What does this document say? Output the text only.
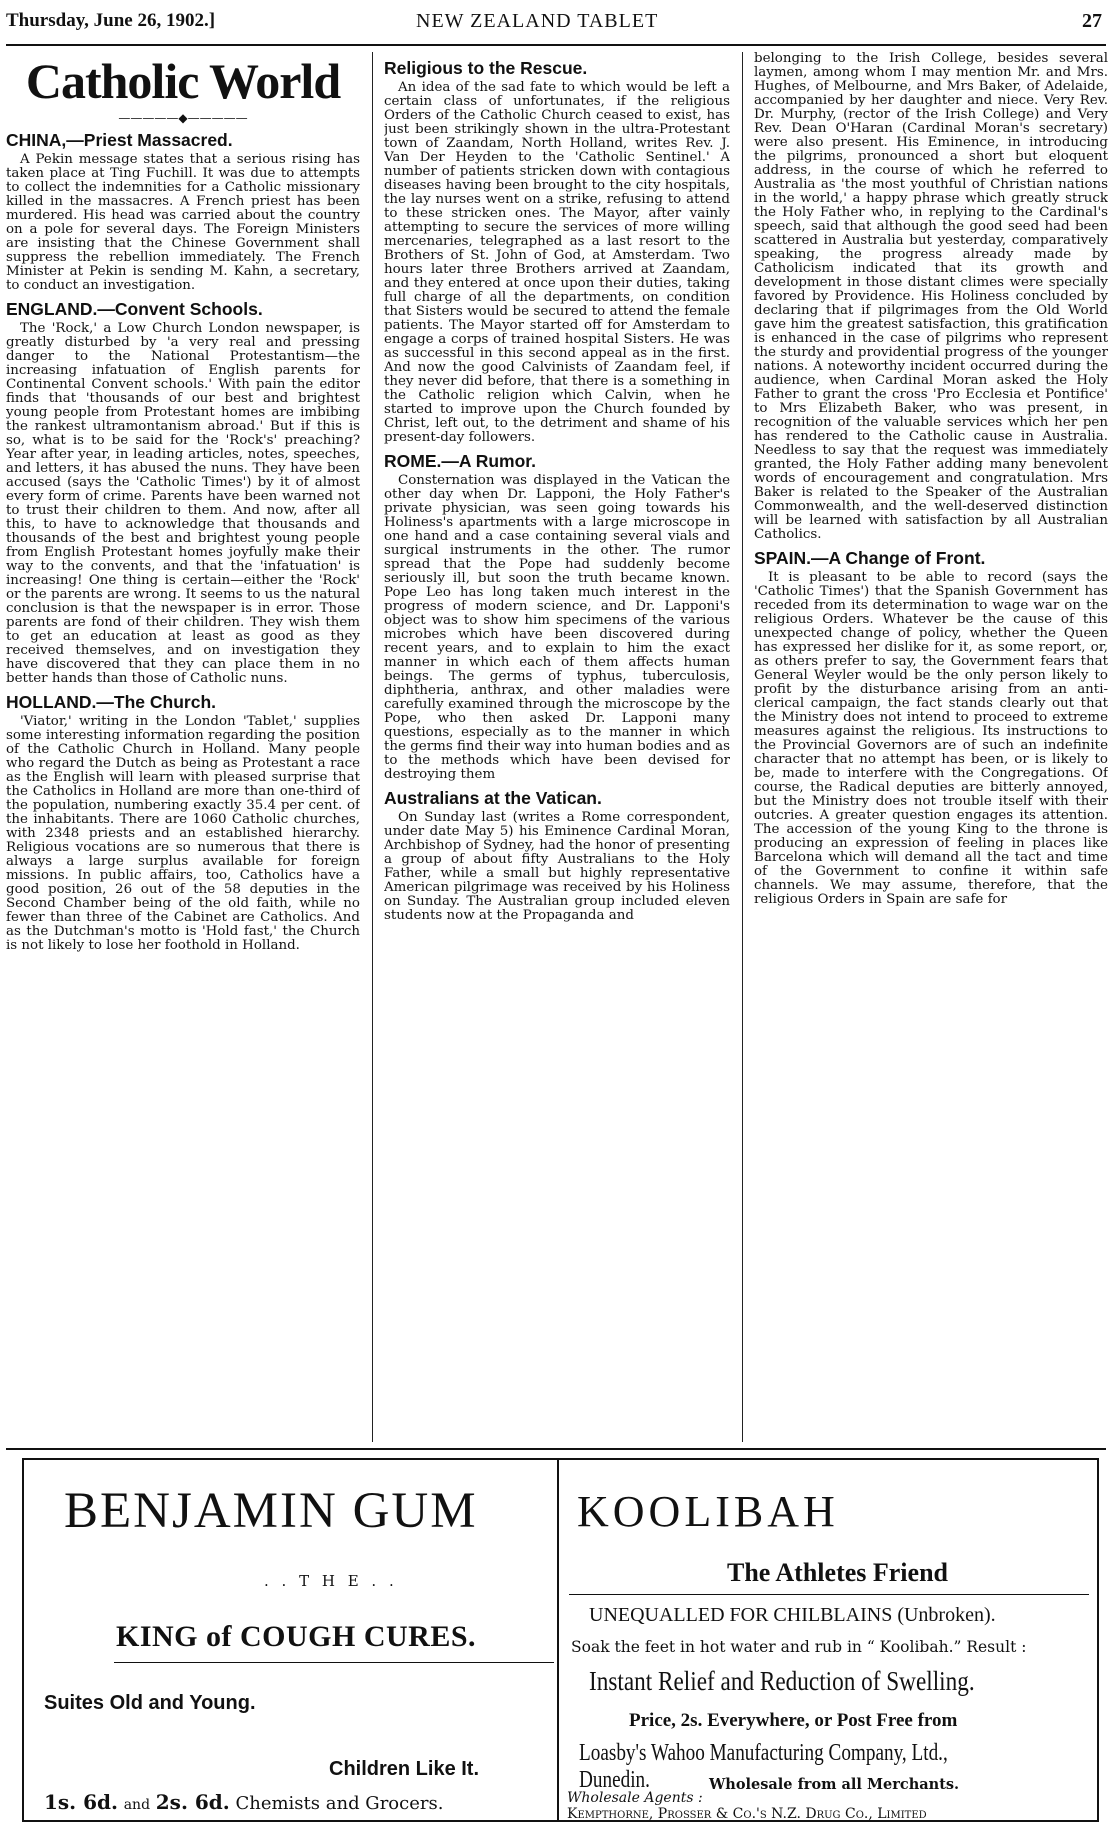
Thursday, June 26, 1902.]	NEW ZEALAND TABLET	27
Catholic World
—————◆—————
CHINA,—Priest Massacred.

A Pekin message states that a serious rising has taken place at Ting Fuchill. It was due to attempts to collect the indemnities for a Catholic missionary killed in the massacres. A French priest has been murdered. His head was carried about the country on a pole for several days. The Foreign Ministers are insisting that the Chinese Government shall suppress the rebellion immediately. The French Minister at Pekin is sending M. Kahn, a secretary, to conduct an investigation.

ENGLAND.—Convent Schools.

The 'Rock,' a Low Church London newspaper, is greatly disturbed by 'a very real and pressing danger to the National Protestantism—the increasing infatuation of English parents for Continental Convent schools.' With pain the editor finds that 'thousands of our best and brightest young people from Protestant homes are imbibing the rankest ultramontanism abroad.' But if this is so, what is to be said for the 'Rock's' preaching? Year after year, in leading articles, notes, speeches, and letters, it has abused the nuns. They have been accused (says the 'Catholic Times') by it of almost every form of crime. Parents have been warned not to trust their children to them. And now, after all this, to have to acknowledge that thousands and thousands of the best and brightest young people from English Protestant homes joyfully make their way to the convents, and that the 'infatuation' is increasing! One thing is certain—either the 'Rock' or the parents are wrong. It seems to us the natural conclusion is that the newspaper is in error. Those parents are fond of their children. They wish them to get an education at least as good as they received themselves, and on investigation they have discovered that they can place them in no better hands than those of Catholic nuns.

HOLLAND.—The Church.

'Viator,' writing in the London 'Tablet,' supplies some interesting information regarding the position of the Catholic Church in Holland. Many people who regard the Dutch as being as Protestant a race as the English will learn with pleased surprise that the Catholics in Holland are more than one-third of the population, numbering exactly 35.4 per cent. of the inhabitants. There are 1060 Catholic churches, with 2348 priests and an established hierarchy. Religious vocations are so numerous that there is always a large surplus available for foreign missions. In public affairs, too, Catholics have a good position, 26 out of the 58 deputies in the Second Chamber being of the old faith, while no fewer than three of the Cabinet are Catholics. And as the Dutchman's motto is 'Hold fast,' the Church is not likely to lose her foothold in Holland.

Religious to the Rescue.

An idea of the sad fate to which would be left a certain class of unfortunates, if the religious Orders of the Catholic Church ceased to exist, has just been strikingly shown in the ultra-Protestant town of Zaandam, North Holland, writes Rev. J. Van Der Heyden to the 'Catholic Sentinel.' A number of patients stricken down with contagious diseases having been brought to the city hospitals, the lay nurses went on a strike, refusing to attend to these stricken ones. The Mayor, after vainly attempting to secure the services of more willing mercenaries, telegraphed as a last resort to the Brothers of St. John of God, at Amsterdam. Two hours later three Brothers arrived at Zaandam, and they entered at once upon their duties, taking full charge of all the departments, on condition that Sisters would be secured to attend the female patients. The Mayor started off for Amsterdam to engage a corps of trained hospital Sisters. He was as successful in this second appeal as in the first. And now the good Calvinists of Zaandam feel, if they never did before, that there is a something in the Catholic religion which Calvin, when he started to improve upon the Church founded by Christ, left out, to the detriment and shame of his present-day followers.

ROME.—A Rumor.

Consternation was displayed in the Vatican the other day when Dr. Lapponi, the Holy Father's private physician, was seen going towards his Holiness's apartments with a large microscope in one hand and a case containing several vials and surgical instruments in the other. The rumor spread that the Pope had suddenly become seriously ill, but soon the truth became known. Pope Leo has long taken much interest in the progress of modern science, and Dr. Lapponi's object was to show him specimens of the various microbes which have been discovered during recent years, and to explain to him the exact manner in which each of them affects human beings. The germs of typhus, tuberculosis, diphtheria, anthrax, and other maladies were carefully examined through the microscope by the Pope, who then asked Dr. Lapponi many questions, especially as to the manner in which the germs find their way into human bodies and as to the methods which have been devised for destroying them

Australians at the Vatican.

On Sunday last (writes a Rome correspondent, under date May 5) his Eminence Cardinal Moran, Archbishop of Sydney, had the honor of presenting a group of about fifty Australians to the Holy Father, while a small but highly representative American pilgrimage was received by his Holiness on Sunday. The Australian group included eleven students now at the Propaganda and

belonging to the Irish College, besides several laymen, among whom I may mention Mr. and Mrs. Hughes, of Melbourne, and Mrs Baker, of Adelaide, accompanied by her daughter and niece. Very Rev. Dr. Murphy, (rector of the Irish College) and Very Rev. Dean O'Haran (Cardinal Moran's secretary) were also present. His Eminence, in introducing the pilgrims, pronounced a short but eloquent address, in the course of which he referred to Australia as 'the most youthful of Christian nations in the world,' a happy phrase which greatly struck the Holy Father who, in replying to the Cardinal's speech, said that although the good seed had been scattered in Australia but yesterday, comparatively speaking, the progress already made by Catholicism indicated that its growth and development in those distant climes were specially favored by Providence. His Holiness concluded by declaring that if pilgrimages from the Old World gave him the greatest satisfaction, this gratification is enhanced in the case of pilgrims who represent the sturdy and providential progress of the younger nations. A noteworthy incident occurred during the audience, when Cardinal Moran asked the Holy Father to grant the cross 'Pro Ecclesia et Pontifice' to Mrs Elizabeth Baker, who was present, in recognition of the valuable services which her pen has rendered to the Catholic cause in Australia. Needless to say that the request was immediately granted, the Holy Father adding many benevolent words of encouragement and congratulation. Mrs Baker is related to the Speaker of the Australian Commonwealth, and the well-deserved distinction will be learned with satisfaction by all Australian Catholics.

SPAIN.—A Change of Front.

It is pleasant to be able to record (says the 'Catholic Times') that the Spanish Government has receded from its determination to wage war on the religious Orders. Whatever be the cause of this unexpected change of policy, whether the Queen has expressed her dislike for it, as some report, or, as others prefer to say, the Government fears that General Weyler would be the only person likely to profit by the disturbance arising from an anti-clerical campaign, the fact stands clearly out that the Ministry does not intend to proceed to extreme measures against the religious. Its instructions to the Provincial Governors are of such an indefinite character that no attempt has been, or is likely to be, made to interfere with the Congregations. Of course, the Radical deputies are bitterly annoyed, but the Ministry does not trouble itself with their outcries. A greater question engages its attention. The accession of the young King to the throne is producing an expression of feeling in places like Barcelona which will demand all the tact and time of the Government to confine it within safe channels. We may assume, therefore, that the religious Orders in Spain are safe for

BENJAMIN GUM
. . T H E . .
KING of COUGH CURES.
Suites Old and Young.
Children Like It.
1s. 6d. and 2s. 6d. Chemists and Grocers.
KOOLIBAH
The Athletes Friend
UNEQUALLED FOR CHILBLAINS (Unbroken).
Soak the feet in hot water and rub in “ Koolibah.” Result :
Instant Relief and Reduction of Swelling.
Price, 2s. Everywhere, or Post Free from
Loasby's Wahoo Manufacturing Company, Ltd., Dunedin.	Wholesale from all Merchants.
Wholesale Agents :
Kempthorne, Prosser & Co.'s N.Z. Drug Co., Limited
